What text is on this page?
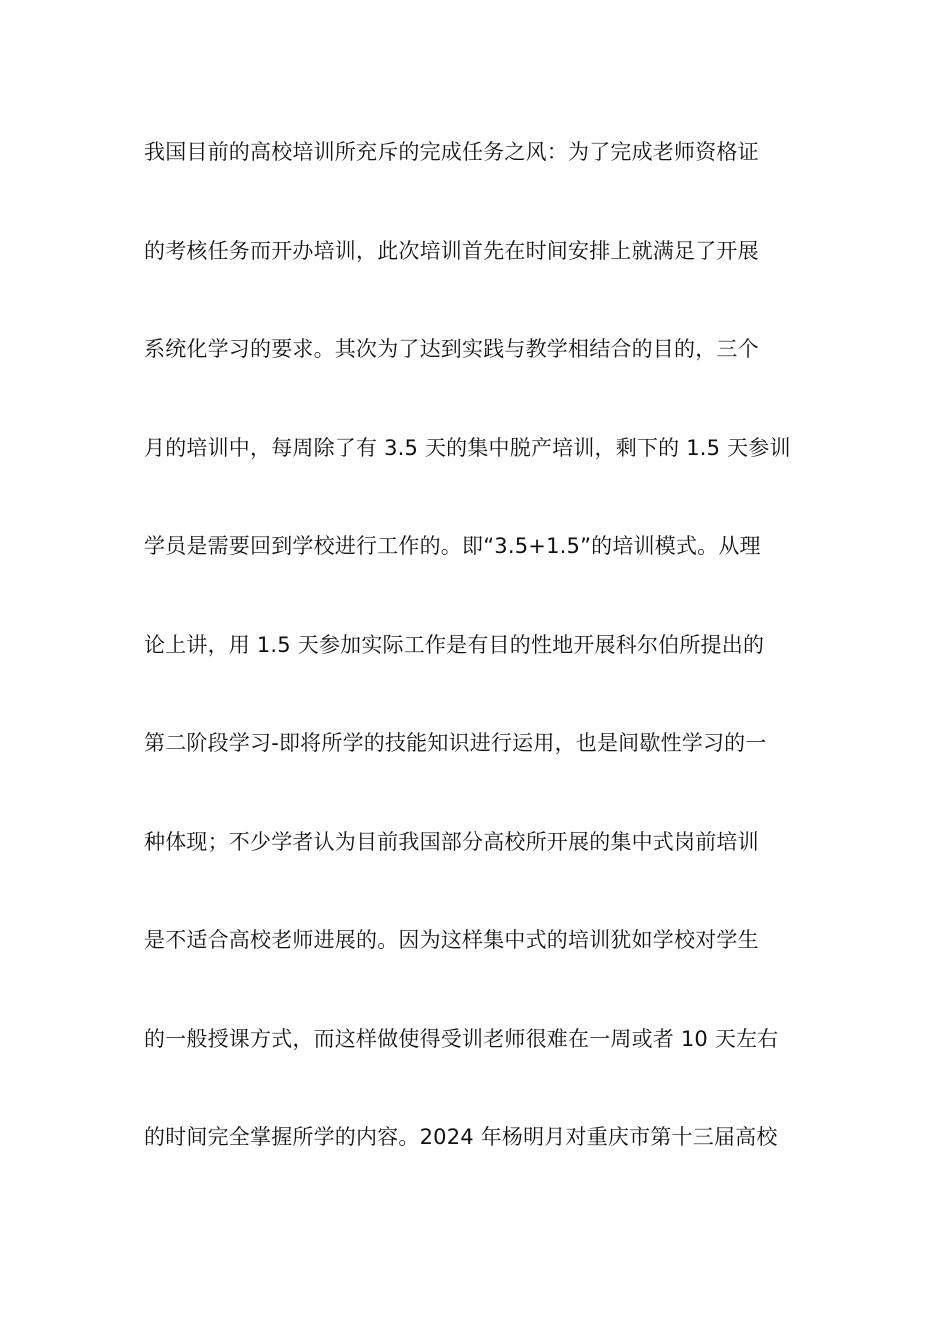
我国目前的高校培训所充斥的完成任务之风：为了完成老师资格证
的考核任务而开办培训，此次培训首先在时间安排上就满足了开展
系统化学习的要求。其次为了达到实践与教学相结合的目的，三个
月的培训中，每周除了有 3.5 天的集中脱产培训，剩下的 1.5 天参训
学员是需要回到学校进行工作的。即“3.5+1.5”的培训模式。从理
论上讲，用 1.5 天参加实际工作是有目的性地开展科尔伯所提出的
第二阶段学习-即将所学的技能知识进行运用，也是间歇性学习的一
种体现；不少学者认为目前我国部分高校所开展的集中式岗前培训
是不适合高校老师进展的。因为这样集中式的培训犹如学校对学生
的一般授课方式，而这样做使得受训老师很难在一周或者 10 天左右
的时间完全掌握所学的内容。2024 年杨明月对重庆市第十三届高校
